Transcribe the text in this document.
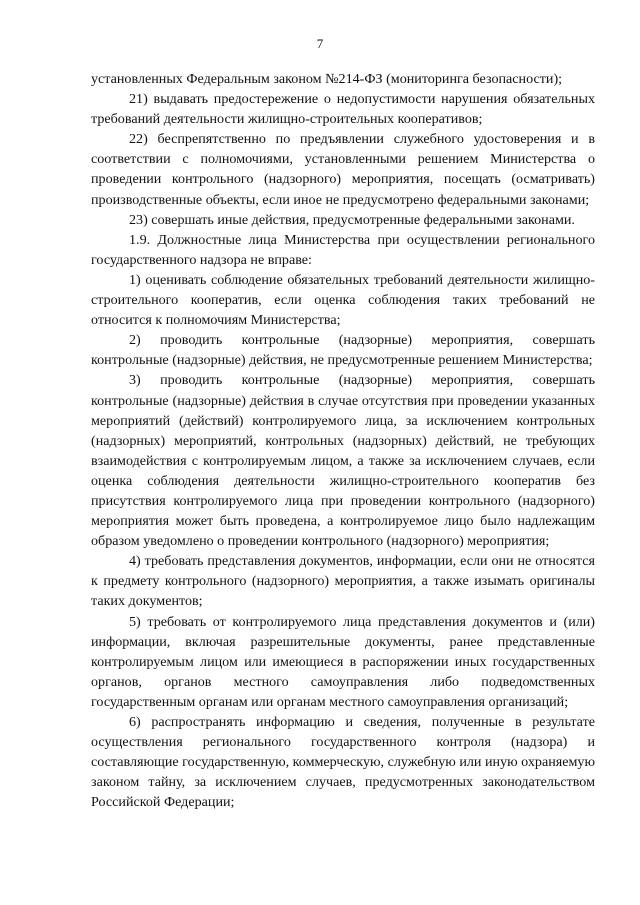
7

установленных Федеральным законом №214-ФЗ (мониторинга безопасности);

21) выдавать предостережение о недопустимости нарушения обязательных требований деятельности жилищно-строительных кооперативов;

22) беспрепятственно по предъявлении служебного удостоверения и в соответствии с полномочиями, установленными решением Министерства о проведении контрольного (надзорного) мероприятия, посещать (осматривать) производственные объекты, если иное не предусмотрено федеральными законами;

23) совершать иные действия, предусмотренные федеральными законами.

1.9. Должностные лица Министерства при осуществлении регионального государственного надзора не вправе:

1) оценивать соблюдение обязательных требований деятельности жилищно-строительного кооператив, если оценка соблюдения таких требований не относится к полномочиям Министерства;

2) проводить контрольные (надзорные) мероприятия, совершать контрольные (надзорные) действия, не предусмотренные решением Министерства;

3) проводить контрольные (надзорные) мероприятия, совершать контрольные (надзорные) действия в случае отсутствия при проведении указанных мероприятий (действий) контролируемого лица, за исключением контрольных (надзорных) мероприятий, контрольных (надзорных) действий, не требующих взаимодействия с контролируемым лицом, а также за исключением случаев, если оценка соблюдения деятельности жилищно-строительного кооператив без присутствия контролируемого лица при проведении контрольного (надзорного) мероприятия может быть проведена, а контролируемое лицо было надлежащим образом уведомлено о проведении контрольного (надзорного) мероприятия;

4) требовать представления документов, информации, если они не относятся к предмету контрольного (надзорного) мероприятия, а также изымать оригиналы таких документов;

5) требовать от контролируемого лица представления документов и (или) информации, включая разрешительные документы, ранее представленные контролируемым лицом или имеющиеся в распоряжении иных государственных органов, органов местного самоуправления либо подведомственных государственным органам или органам местного самоуправления организаций;

6) распространять информацию и сведения, полученные в результате осуществления регионального государственного контроля (надзора) и составляющие государственную, коммерческую, служебную или иную охраняемую законом тайну, за исключением случаев, предусмотренных законодательством Российской Федерации;
